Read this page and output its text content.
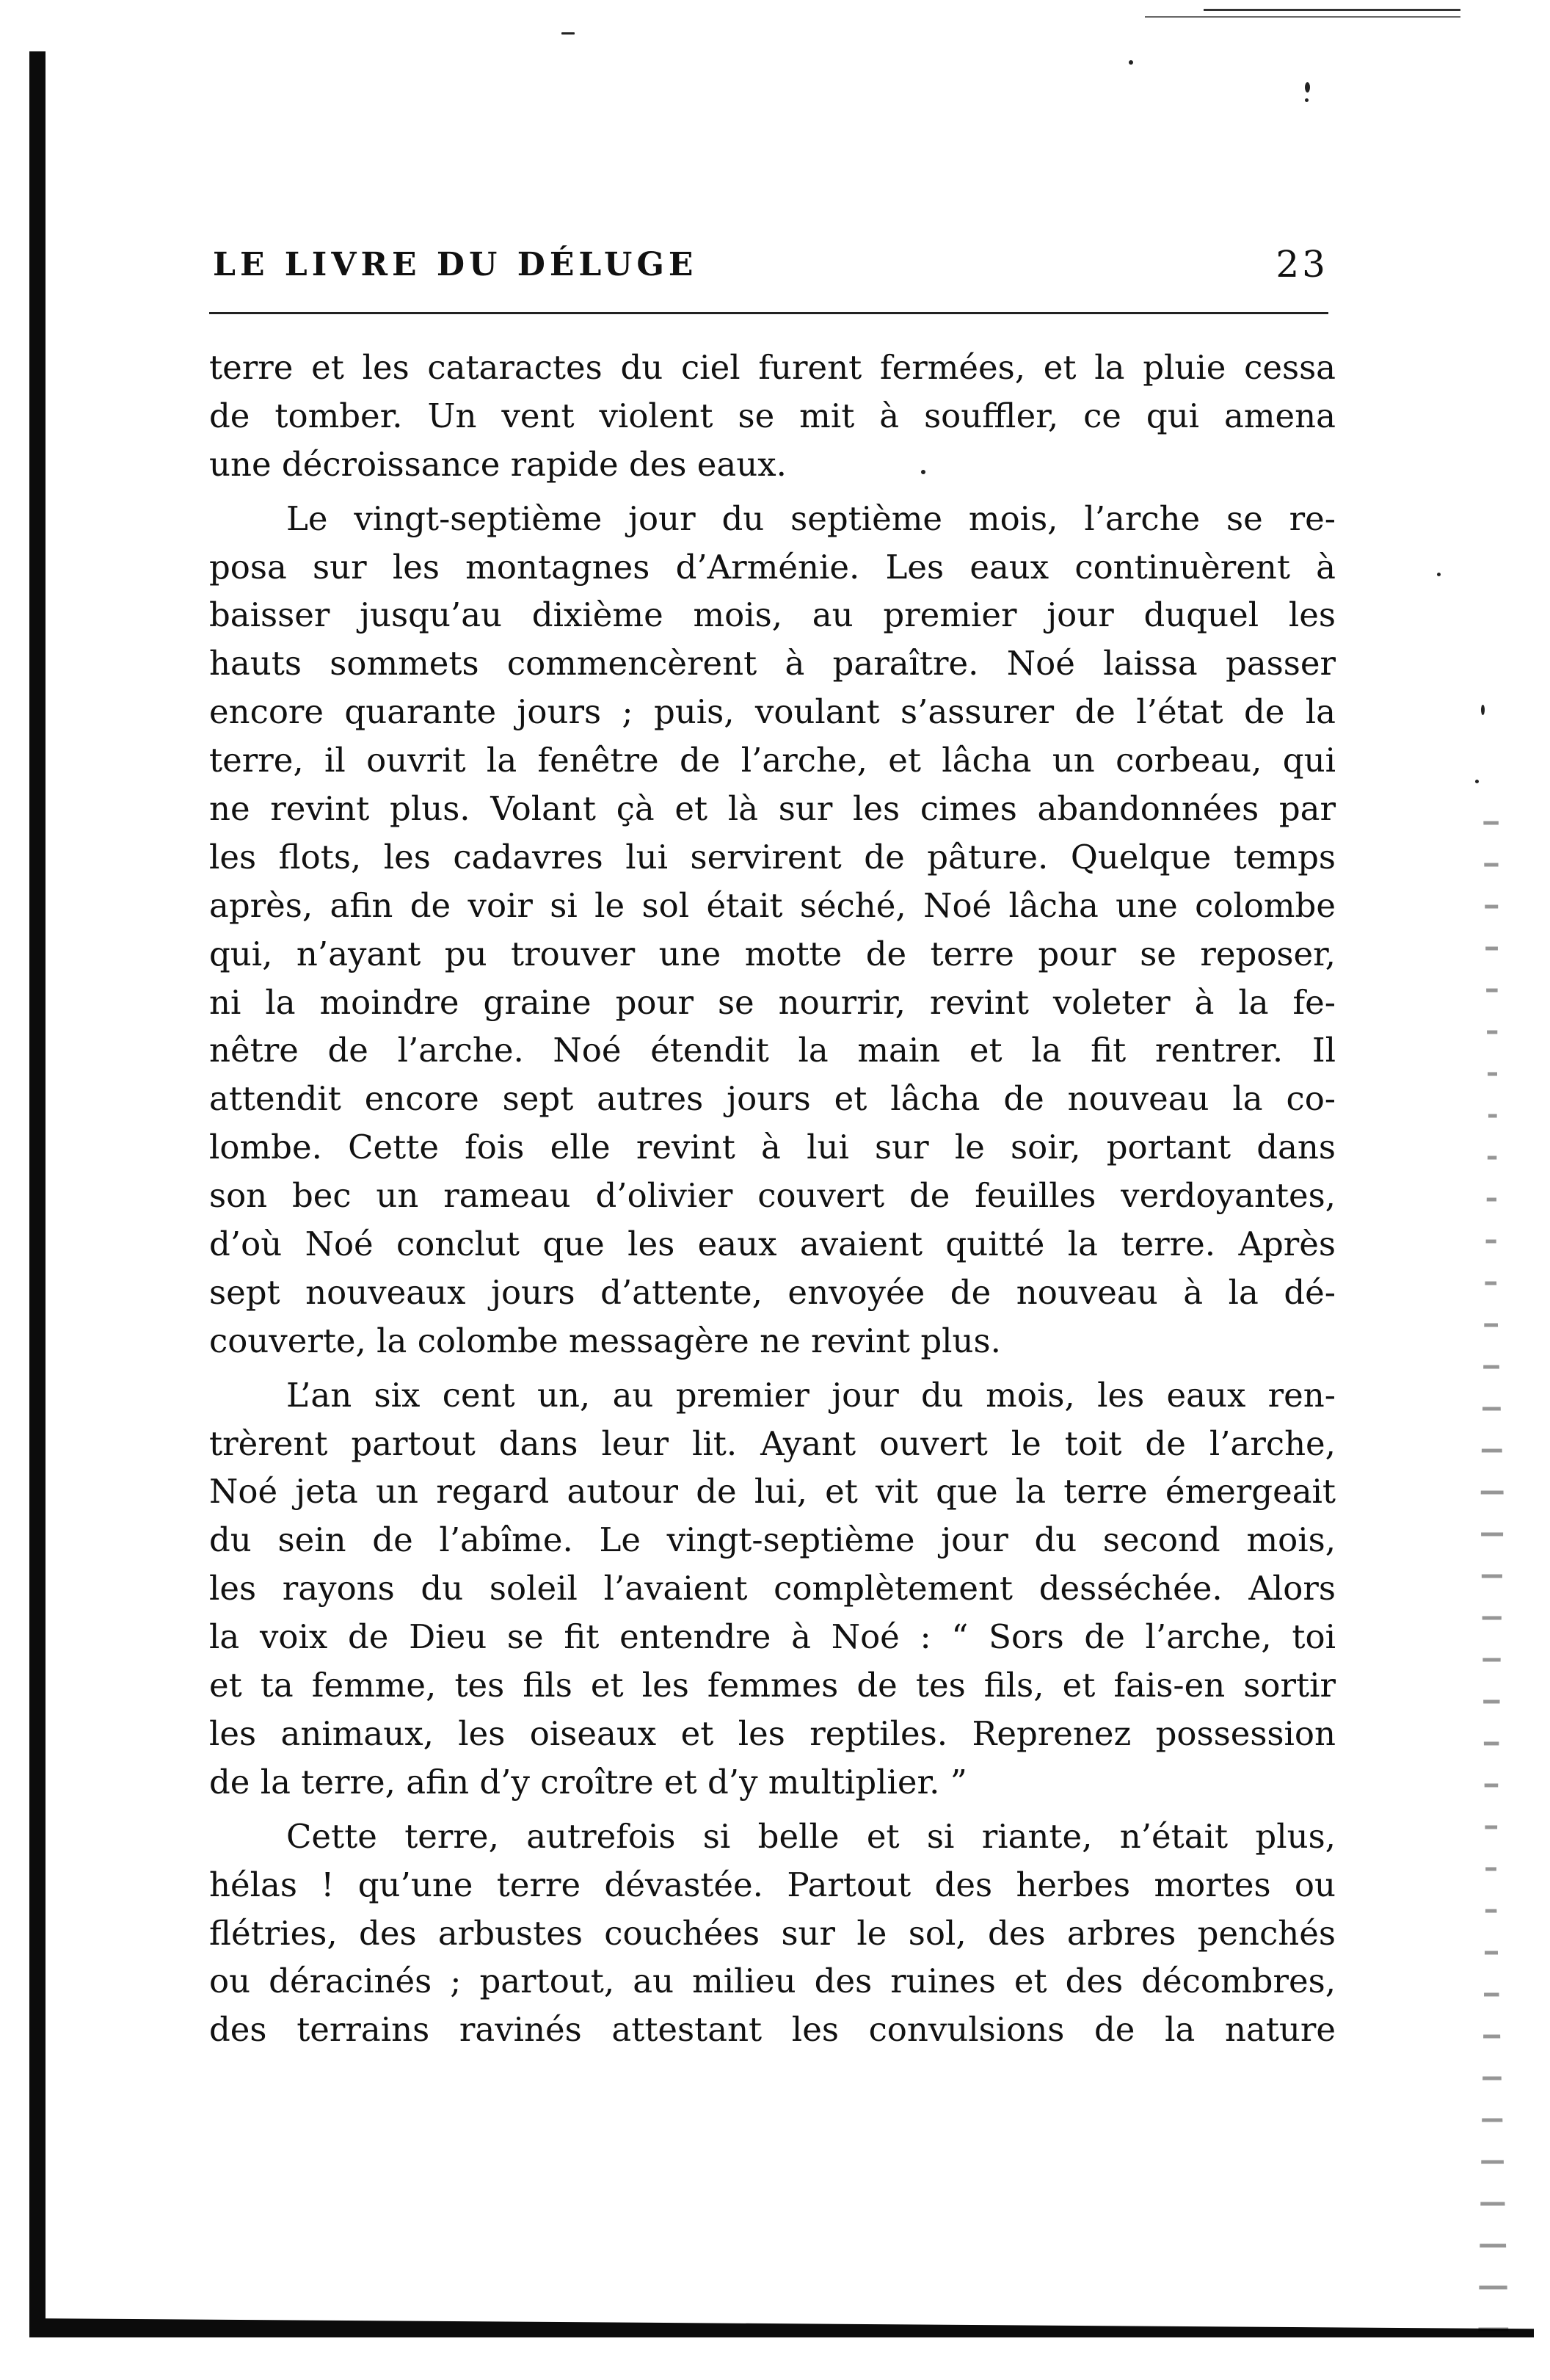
LE LIVRE DU DÉLUGE	23
terre et les cataractes du ciel furent fermées, et la pluie cessa
de tomber. Un vent violent se mit à souffler, ce qui amena
une décroissance rapide des eaux.
Le vingt-septième jour du septième mois, l’arche se re-
posa sur les montagnes d’Arménie. Les eaux continuèrent à
baisser jusqu’au dixième mois, au premier jour duquel les
hauts sommets commencèrent à paraître. Noé laissa passer
encore quarante jours ; puis, voulant s’assurer de l’état de la
terre, il ouvrit la fenêtre de l’arche, et lâcha un corbeau, qui
ne revint plus. Volant çà et là sur les cimes abandonnées par
les flots, les cadavres lui servirent de pâture. Quelque temps
après, afin de voir si le sol était séché, Noé lâcha une colombe
qui, n’ayant pu trouver une motte de terre pour se reposer,
ni la moindre graine pour se nourrir, revint voleter à la fe-
nêtre de l’arche. Noé étendit la main et la fit rentrer. Il
attendit encore sept autres jours et lâcha de nouveau la co-
lombe. Cette fois elle revint à lui sur le soir, portant dans
son bec un rameau d’olivier couvert de feuilles verdoyantes,
d’où Noé conclut que les eaux avaient quitté la terre. Après
sept nouveaux jours d’attente, envoyée de nouveau à la dé-
couverte, la colombe messagère ne revint plus.
L’an six cent un, au premier jour du mois, les eaux ren-
trèrent partout dans leur lit. Ayant ouvert le toit de l’arche,
Noé jeta un regard autour de lui, et vit que la terre émergeait
du sein de l’abîme. Le vingt-septième jour du second mois,
les rayons du soleil l’avaient complètement desséchée. Alors
la voix de Dieu se fit entendre à Noé : “ Sors de l’arche, toi
et ta femme, tes fils et les femmes de tes fils, et fais-en sortir
les animaux, les oiseaux et les reptiles. Reprenez possession
de la terre, afin d’y croître et d’y multiplier. ”
Cette terre, autrefois si belle et si riante, n’était plus,
hélas ! qu’une terre dévastée. Partout des herbes mortes ou
flétries, des arbustes couchées sur le sol, des arbres penchés
ou déracinés ; partout, au milieu des ruines et des décombres,
des terrains ravinés attestant les convulsions de la nature
